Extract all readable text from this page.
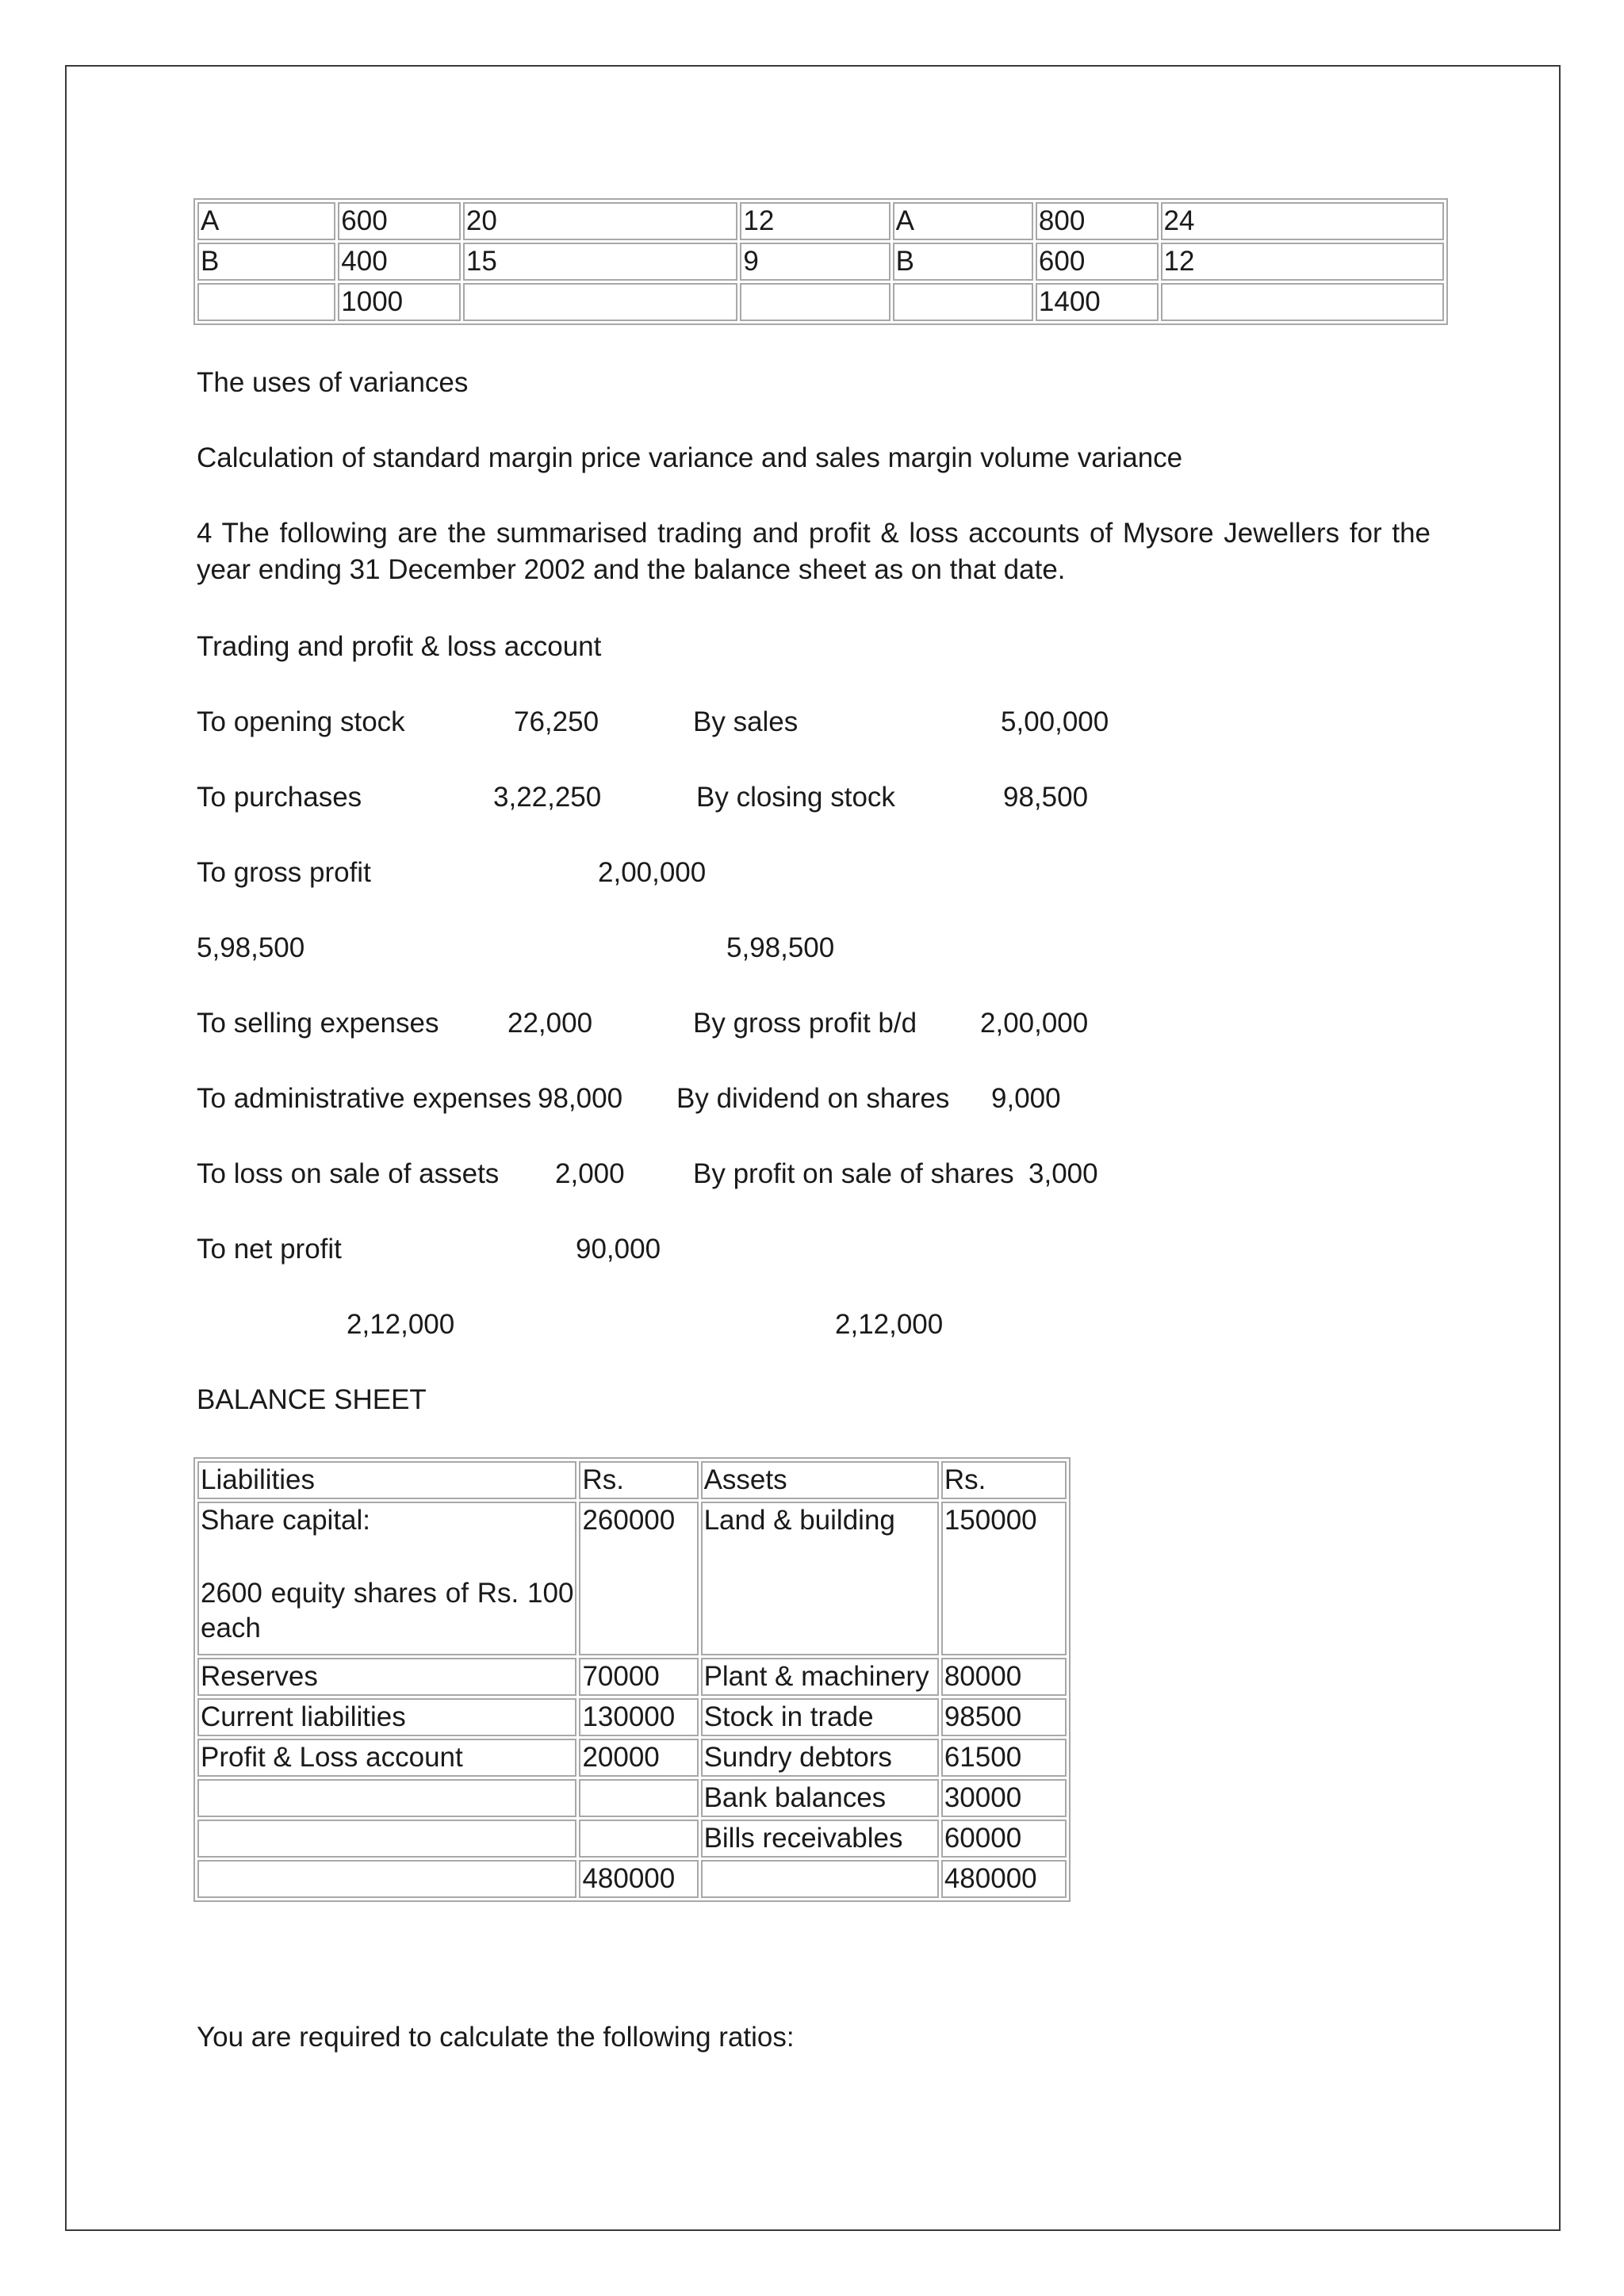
A	600	20	12	A	800	24
B	400	15	9	B	600	12
	1000				1400	
The uses of variances
Calculation of standard margin price variance and sales margin volume variance
4 The following are the summarised trading and profit & loss accounts of Mysore Jewellers for the year ending 31 December 2002 and the balance sheet as on that date.
Trading and profit & loss account
To opening stock	76,250	By sales	5,00,000
To purchases	3,22,250	By closing stock	98,500
To gross profit	2,00,000
5,98,500	5,98,500
To selling expenses 22,000	By gross profit b/d 2,00,000
To administrative expenses 98,000 By dividend on shares 9,000
To loss on sale of assets 2,000 By profit on sale of shares 3,000
To net profit	90,000
2,12,000	2,12,000
BALANCE SHEET
Liabilities	Rs.	Assets	Rs.

Share capital:
2600 equity shares of Rs. 100 each	260000	Land & building	150000
Reserves	70000	Plant & machinery	80000
Current liabilities	130000	Stock in trade	98500
Profit & Loss account	20000	Sundry debtors	61500
		Bank balances	30000
		Bills receivables	60000
	480000		480000
You are required to calculate the following ratios:
